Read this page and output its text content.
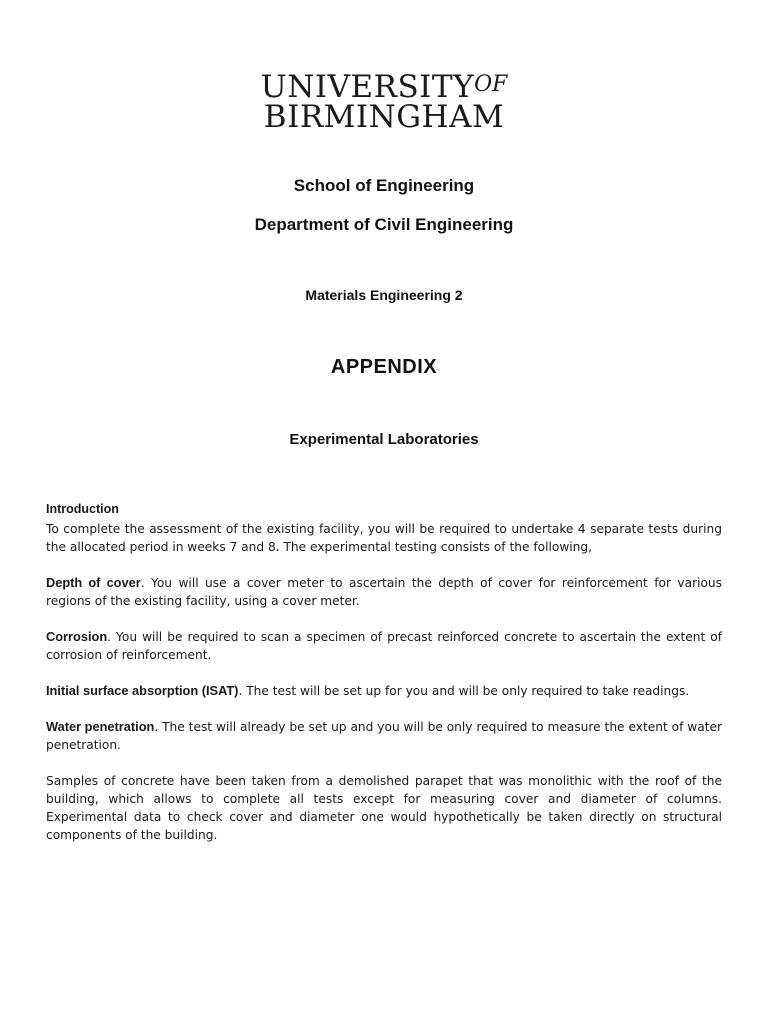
UNIVERSITYOF
BIRMINGHAM
School of Engineering
Department of Civil Engineering
Materials Engineering 2
APPENDIX
Experimental Laboratories
Introduction

To complete the assessment of the existing facility, you will be required to undertake 4 separate tests during the allocated period in weeks 7 and 8. The experimental testing consists of the following,

Depth of cover. You will use a cover meter to ascertain the depth of cover for reinforcement for various regions of the existing facility, using a cover meter.

Corrosion. You will be required to scan a specimen of precast reinforced concrete to ascertain the extent of corrosion of reinforcement.

Initial surface absorption (ISAT). The test will be set up for you and will be only required to take readings.

Water penetration. The test will already be set up and you will be only required to measure the extent of water penetration.

Samples of concrete have been taken from a demolished parapet that was monolithic with the roof of the building, which allows to complete all tests except for measuring cover and diameter of columns. Experimental data to check cover and diameter one would hypothetically be taken directly on structural components of the building.
